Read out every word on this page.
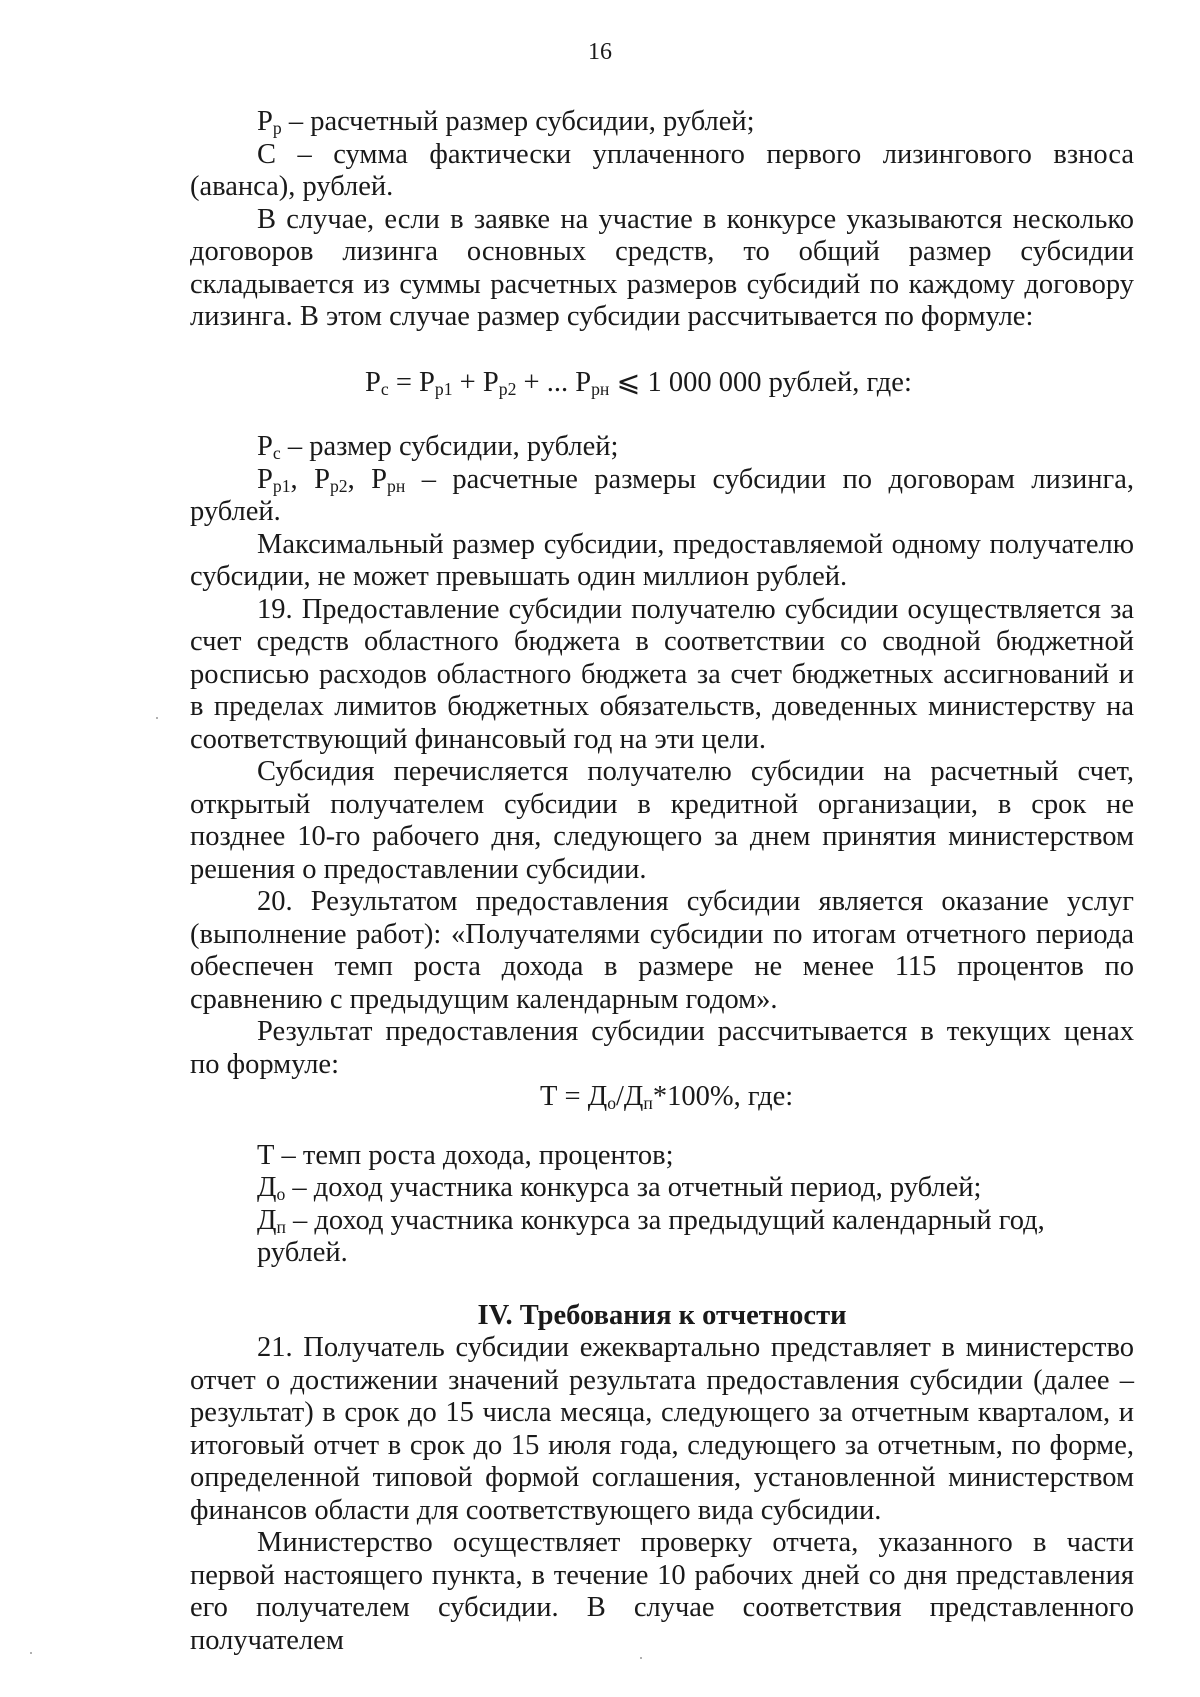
16

$Р_р$ – расчетный размер субсидии, рублей;

С – сумма фактически уплаченного первого лизингового взноса (аванса), рублей.

В случае, если в заявке на участие в конкурсе указываются несколько договоров лизинга основных средств, то общий размер субсидии складывается из суммы расчетных размеров субсидий по каждому договору лизинга. В этом случае размер субсидии рассчитывается по формуле:

$Р_с = Р_{р1} + Р_{р2}$ + ... $Р_{рн}$ ⩽ 1 000 000 рублей, где:

$Р_с$ – размер субсидии, рублей;

$Р_{р1}$, $Р_{р2}$, $Р_{рн}$ – расчетные размеры субсидии по договорам лизинга, рублей.

Максимальный размер субсидии, предоставляемой одному получателю субсидии, не может превышать один миллион рублей.

19. Предоставление субсидии получателю субсидии осуществляется за счет средств областного бюджета в соответствии со сводной бюджетной росписью расходов областного бюджета за счет бюджетных ассигнований и в пределах лимитов бюджетных обязательств, доведенных министерству на соответствующий финансовый год на эти цели.

Субсидия перечисляется получателю субсидии на расчетный счет, открытый получателем субсидии в кредитной организации, в срок не позднее 10-го рабочего дня, следующего за днем принятия министерством решения о предоставлении субсидии.

20. Результатом предоставления субсидии является оказание услуг (выполнение работ): «Получателями субсидии по итогам отчетного периода обеспечен темп роста дохода в размере не менее 115 процентов по сравнению с предыдущим календарным годом».

Результат предоставления субсидии рассчитывается в текущих ценах по формуле:

$Т = Д_о/Д_п*100\%$, где:

Т – темп роста дохода, процентов;

$Д_о$ – доход участника конкурса за отчетный период, рублей;

$Д_п$ – доход участника конкурса за предыдущий календарный год, рублей.

IV. Требования к отчетности

21. Получатель субсидии ежеквартально представляет в министерство отчет о достижении значений результата предоставления субсидии (далее – результат) в срок до 15 числа месяца, следующего за отчетным кварталом, и итоговый отчет в срок до 15 июля года, следующего за отчетным, по форме, определенной типовой формой соглашения, установленной министерством финансов области для соответствующего вида субсидии.

Министерство осуществляет проверку отчета, указанного в части первой настоящего пункта, в течение 10 рабочих дней со дня представления его получателем субсидии. В случае соответствия представленного получателем
